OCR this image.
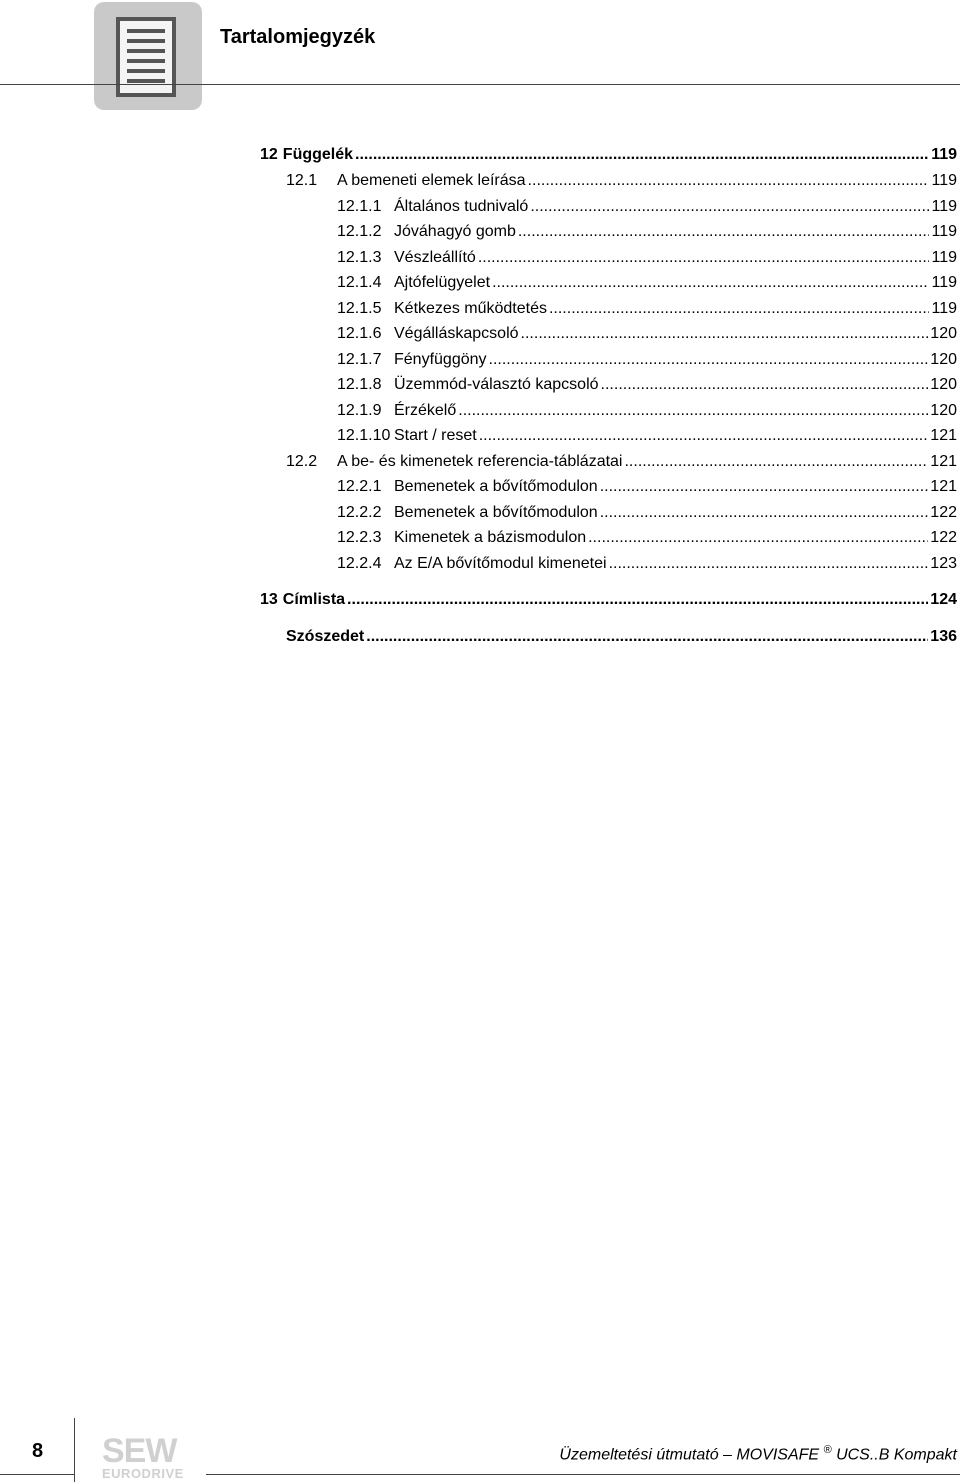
Tartalomjegyzék
12 Függelék .....	119
12.1	A bemeneti elemek leírása .....	119
12.1.1 Általános tudnivaló .....	119
12.1.2 Jóváhagyó gomb .....	119
12.1.3 Vészleállító .....	119
12.1.4 Ajtófelügyelet .....	119
12.1.5 Kétkezes működtetés .....	119
12.1.6 Végálláskapcsoló .....	120
12.1.7 Fényfüggöny .....	120
12.1.8 Üzemmód-választó kapcsoló .....	120
12.1.9 Érzékelő .....	120
12.1.10 Start / reset .....	121
12.2	A be- és kimenetek referencia-táblázatai .....	121
12.2.1 Bemenetek a bővítőmodulon .....	121
12.2.2 Bemenetek a bővítőmodulon .....	122
12.2.3 Kimenetek a bázismodulon .....	122
12.2.4 Az E/A bővítőmodul kimenetei .....	123
13 Címlista .....	124
Szószedet .....	136
8 SEW
EURODRIVE
Üzemeltetési útmutató – MOVISAFE ® UCS..B Kompakt
